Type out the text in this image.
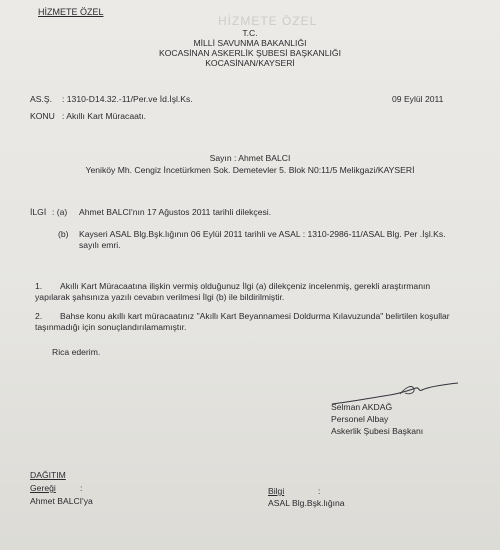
HİZMETE ÖZEL
HİZMETE ÖZEL
T.C.
MİLLİ SAVUNMA BAKANLIĞI
KOCASİNAN ASKERLİK ŞUBESİ BAŞKANLIĞI
KOCASİNAN/KAYSERİ
AS.Ş. : 1310-D14.32.-11/Per.ve İd.İşl.Ks.	09 Eylül 2011
KONU : Akıllı Kart Müracaatı.
Sayın : Ahmet BALCI
Yeniköy Mh. Cengiz İncetürkmen Sok. Demetevler 5. Blok N0:11/5 Melikgazi/KAYSERİ
İLGİ : (a) Ahmet BALCI'nın 17 Ağustos 2011 tarihli dilekçesi.
(b) Kayseri ASAL Blg.Bşk.lığının 06 Eylül 2011 tarihli ve ASAL : 1310-2986-11/ASAL Blg. Per .İşl.Ks. sayılı emri.
1.	Akıllı Kart Müracaatına ilişkin vermiş olduğunuz İlgi (a) dilekçeniz incelenmiş, gerekli araştırmanın yapılarak şahsınıza yazılı cevabın verilmesi İlgi (b) ile bildirilmiştir.
2.	Bahse konu akıllı kart müracaatınız "Akıllı Kart Beyannamesi Doldurma Kılavuzunda" belirtilen koşullar taşınmadığı için sonuçlandırılamamıştır.
Rica ederim.
Selman AKDAĞ
Personel Albay
Askerlik Şubesi Başkanı
DAĞITIM
Gereği	:
Ahmet BALCI'ya
Bilgi	:
ASAL Blg.Bşk.lığına
